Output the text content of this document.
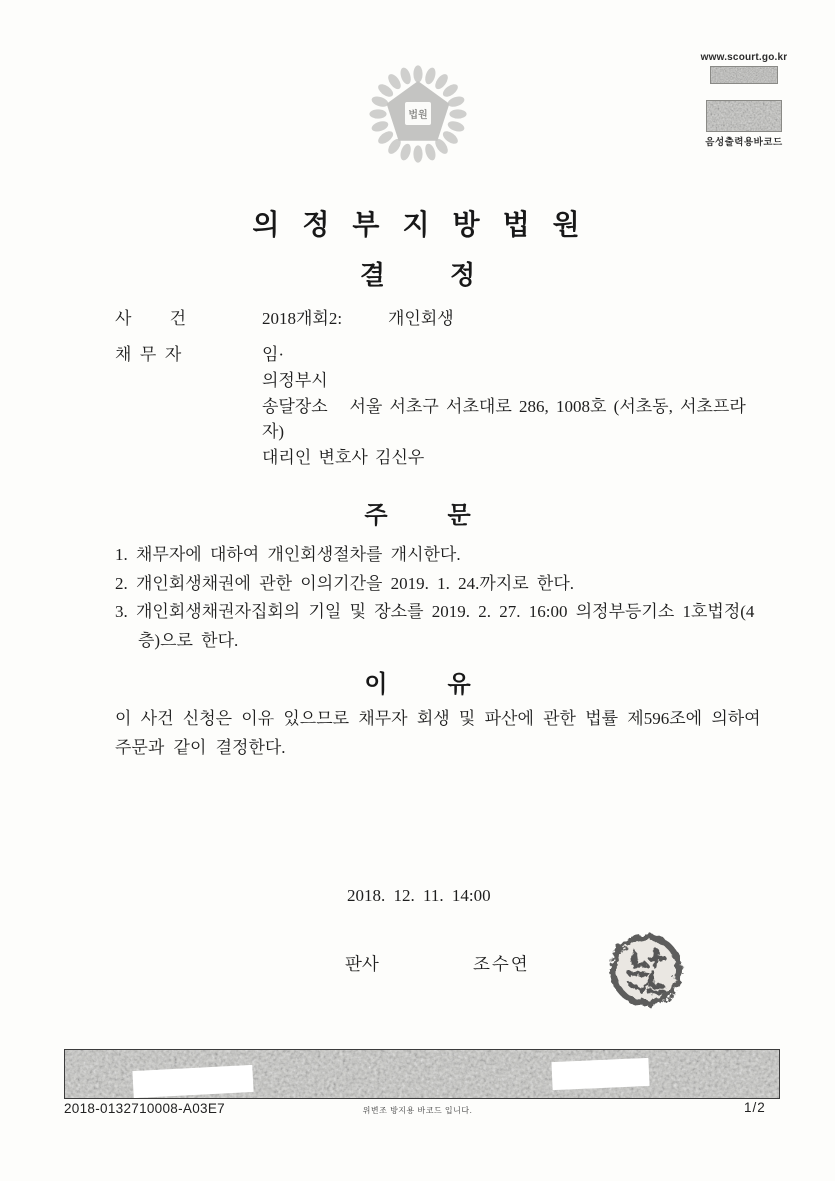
법원
www.scourt.go.kr
음성출력용바코드
의  정  부  지  방  법  원
결          정
사         건	2018개회2:	개인회생
채  무  자	임·
의정부시
송달장소   서울 서초구 서초대로 286, 1008호 (서초동, 서초프라
자)
대리인 변호사 김신우
주          문
1. 채무자에 대하여 개인회생절차를 개시한다.
2. 개인회생채권에 관한 이의기간을 2019. 1. 24.까지로 한다.
3. 개인회생채권자집회의 기일 및 장소를 2019. 2. 27. 16:00 의정부등기소 1호법정(4 층)으로 한다.
이          유
이 사건 신청은 이유 있으므로 채무자 회생 및 파산에 관한 법률 제596조에 의하여 주문과 같이 결정한다.
2018. 12. 11. 14:00
판사	조수연
2018-0132710008-A03E7	위변조 방지용 바코드 입니다.	1/2
